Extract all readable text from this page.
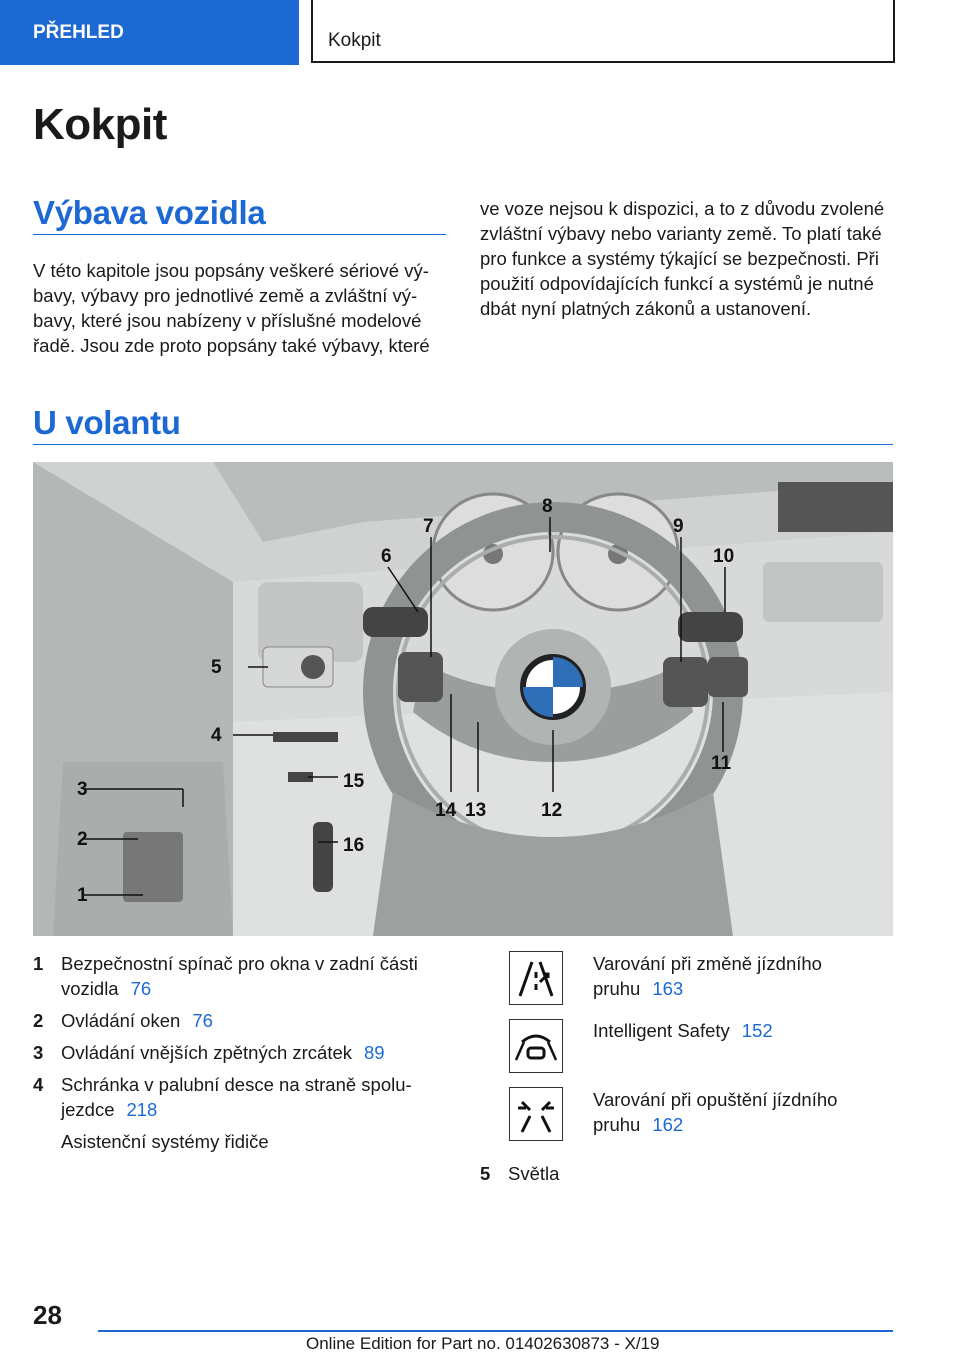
PŘEHLED	Kokpit
Kokpit
Výbava vozidla
V této kapitole jsou popsány veškeré sériové vý-
bavy, výbavy pro jednotlivé země a zvláštní vý-
bavy, které jsou nabízeny v příslušné modelové
řadě. Jsou zde proto popsány také výbavy, které
ve voze nejsou k dispozici, a to z důvodu zvolené
zvláštní výbavy nebo varianty země. To platí také
pro funkce a systémy týkající se bezpečnosti. Při
použití odpovídajících funkcí a systémů je nutné
dbát nyní platných zákonů a ustanovení.
U volantu
3
2
1
4
5
6
7
8
9
10
11
12
13
14
15
16
1 Bezpečnostní spínač pro okna v zadní části
vozidla 76
2 Ovládání oken 76
3 Ovládání vnějších zpětných zrcátek 89
4 Schránka v palubní desce na straně spolu-
jezdce 218
Asistenční systémy řidiče
Varování při změně jízdního
pruhu 163
Intelligent Safety 152
Varování při opuštění jízdního
pruhu 162
5 Světla
28
Online Edition for Part no. 01402630873 - X/19
